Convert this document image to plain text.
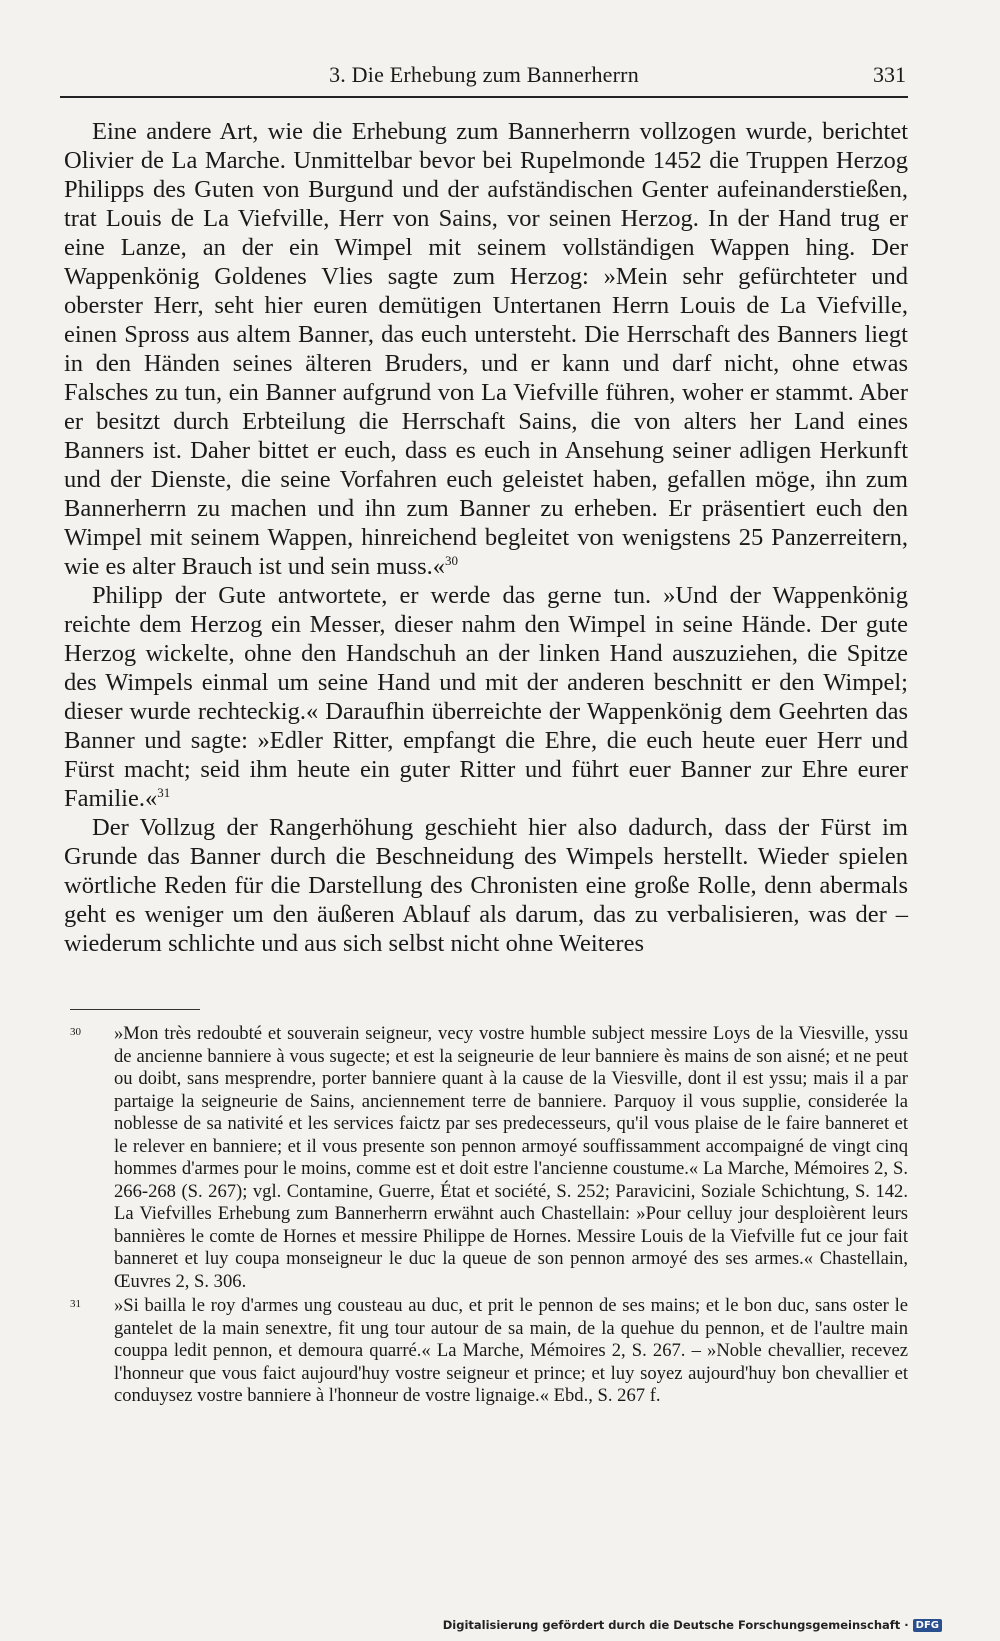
3. Die Erhebung zum Bannerherrn	331

Eine andere Art, wie die Erhebung zum Bannerherrn vollzogen wurde, berichtet Olivier de La Marche. Unmittelbar bevor bei Rupelmonde 1452 die Truppen Herzog Philipps des Guten von Burgund und der aufständischen Genter aufeinanderstießen, trat Louis de La Viefville, Herr von Sains, vor seinen Herzog. In der Hand trug er eine Lanze, an der ein Wimpel mit seinem vollständigen Wappen hing. Der Wappenkönig Goldenes Vlies sagte zum Herzog: »Mein sehr gefürchteter und oberster Herr, seht hier euren demütigen Untertanen Herrn Louis de La Viefville, einen Spross aus altem Banner, das euch untersteht. Die Herrschaft des Banners liegt in den Händen seines älteren Bruders, und er kann und darf nicht, ohne etwas Falsches zu tun, ein Banner aufgrund von La Viefville führen, woher er stammt. Aber er besitzt durch Erbteilung die Herrschaft Sains, die von alters her Land eines Banners ist. Daher bittet er euch, dass es euch in Ansehung seiner adligen Herkunft und der Dienste, die seine Vorfahren euch geleistet haben, gefallen möge, ihn zum Bannerherrn zu machen und ihn zum Banner zu erheben. Er präsentiert euch den Wimpel mit seinem Wappen, hinreichend begleitet von wenigstens 25 Panzerreitern, wie es alter Brauch ist und sein muss.«$^{30}$

Philipp der Gute antwortete, er werde das gerne tun. »Und der Wappenkönig reichte dem Herzog ein Messer, dieser nahm den Wimpel in seine Hände. Der gute Herzog wickelte, ohne den Handschuh an der linken Hand auszuziehen, die Spitze des Wimpels einmal um seine Hand und mit der anderen beschnitt er den Wimpel; dieser wurde rechteckig.« Daraufhin überreichte der Wappenkönig dem Geehrten das Banner und sagte: »Edler Ritter, empfangt die Ehre, die euch heute euer Herr und Fürst macht; seid ihm heute ein guter Ritter und führt euer Banner zur Ehre eurer Familie.«$^{31}$

Der Vollzug der Rangerhöhung geschieht hier also dadurch, dass der Fürst im Grunde das Banner durch die Beschneidung des Wimpels herstellt. Wieder spielen wörtliche Reden für die Darstellung des Chronisten eine große Rolle, denn abermals geht es weniger um den äußeren Ablauf als darum, das zu verbalisieren, was der – wiederum schlichte und aus sich selbst nicht ohne Weiteres

30 »Mon très redoubté et souverain seigneur, vecy vostre humble subject messire Loys de la Viesville, yssu de ancienne banniere à vous sugecte; et est la seigneurie de leur banniere ès mains de son aisné; et ne peut ou doibt, sans mesprendre, porter banniere quant à la cause de la Viesville, dont il est yssu; mais il a par partaige la seigneurie de Sains, anciennement terre de banniere. Parquoy il vous supplie, considerée la noblesse de sa nativité et les services faictz par ses predecesseurs, qu'il vous plaise de le faire banneret et le relever en banniere; et il vous presente son pennon armoyé souffissamment accompaigné de vingt cinq hommes d'armes pour le moins, comme est et doit estre l'ancienne coustume.« La Marche, Mémoires 2, S. 266-268 (S. 267); vgl. Contamine, Guerre, État et société, S. 252; Paravicini, Soziale Schichtung, S. 142. La Viefvilles Erhebung zum Bannerherrn erwähnt auch Chastellain: »Pour celluy jour desploièrent leurs bannières le comte de Hornes et messire Philippe de Hornes. Messire Louis de la Viefville fut ce jour fait banneret et luy coupa monseigneur le duc la queue de son pennon armoyé des ses armes.« Chastellain, Œuvres 2, S. 306.
31 »Si bailla le roy d'armes ung cousteau au duc, et prit le pennon de ses mains; et le bon duc, sans oster le gantelet de la main senextre, fit ung tour autour de sa main, de la quehue du pennon, et de l'aultre main couppa ledit pennon, et demoura quarré.« La Marche, Mémoires 2, S. 267. – »Noble chevallier, recevez l'honneur que vous faict aujourd'huy vostre seigneur et prince; et luy soyez aujourd'huy bon chevallier et conduysez vostre banniere à l'honneur de vostre lignaige.« Ebd., S. 267 f.
Digitalisierung gefördert durch die Deutsche Forschungsgemeinschaft · DFG
